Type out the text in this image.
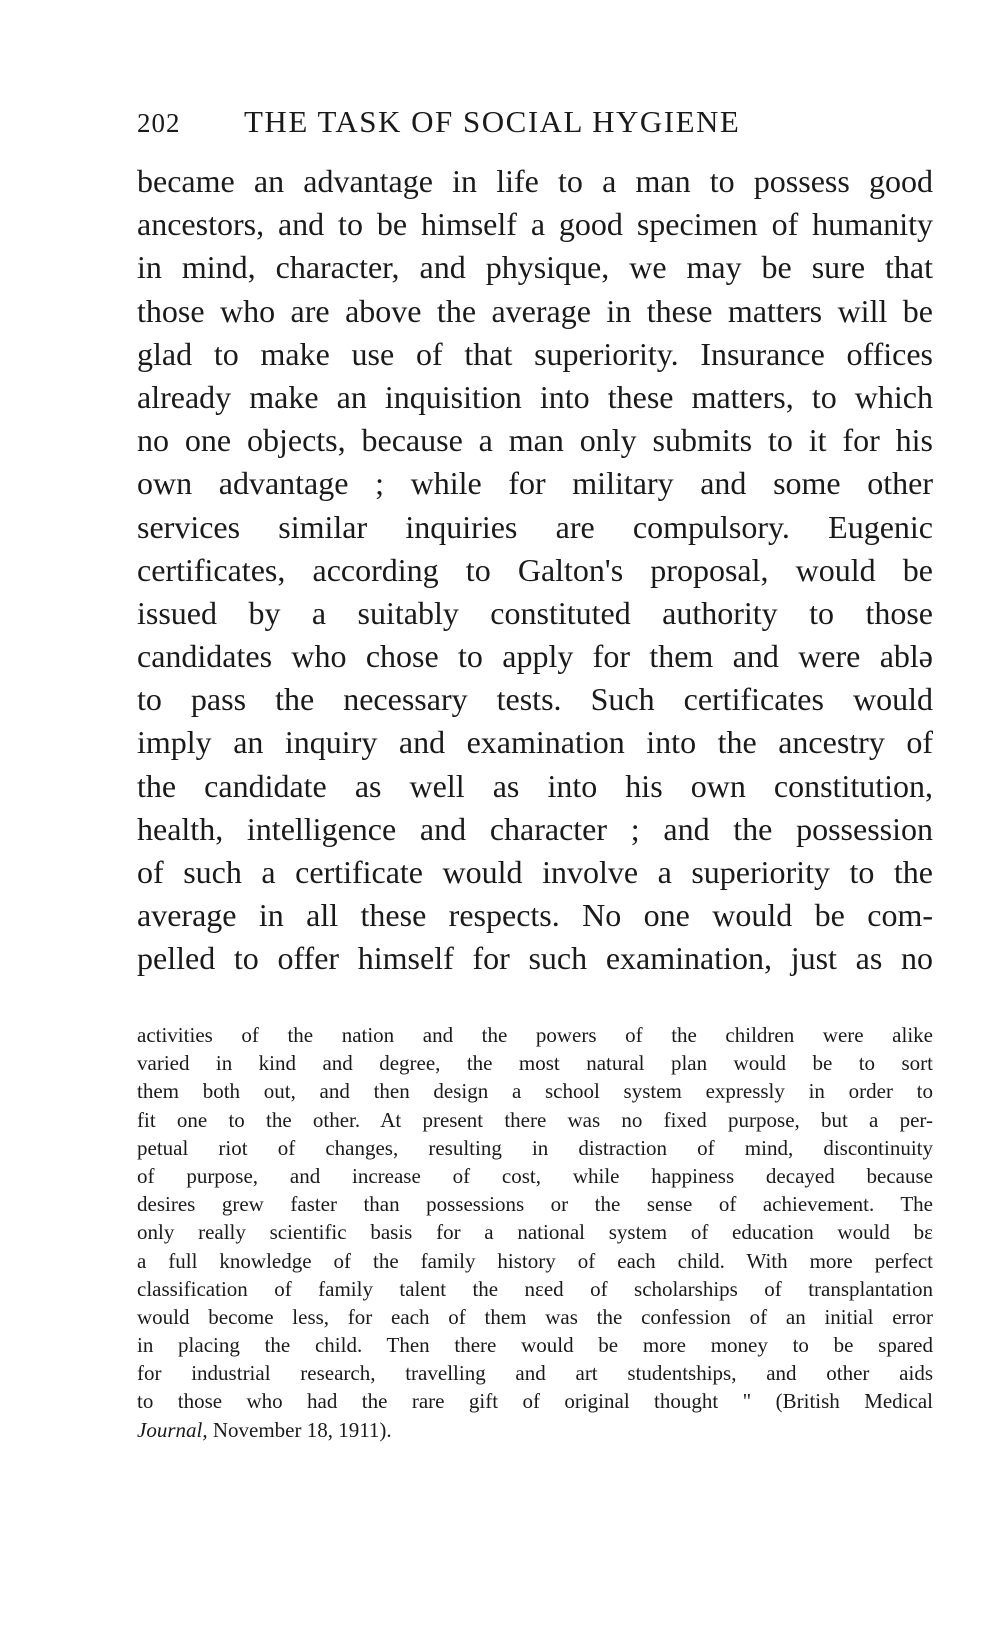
202 THE TASK OF SOCIAL HYGIENE
became an advantage in life to a man to possess good
ancestors, and to be himself a good specimen of humanity
in mind, character, and physique, we may be sure that
those who are above the average in these matters will be
glad to make use of that superiority. Insurance offices
already make an inquisition into these matters, to which
no one objects, because a man only submits to it for his
own advantage ; while for military and some other
services similar inquiries are compulsory. Eugenic
certificates, according to Galton's proposal, would be
issued by a suitably constituted authority to those
candidates who chose to apply for them and were ablə
to pass the necessary tests. Such certificates would
imply an inquiry and examination into the ancestry of
the candidate as well as into his own constitution,
health, intelligence and character ; and the possession
of such a certificate would involve a superiority to the
average in all these respects. No one would be com-
pelled to offer himself for such examination, just as no
activities of the nation and the powers of the children were alike
varied in kind and degree, the most natural plan would be to sort
them both out, and then design a school system expressly in order to
fit one to the other. At present there was no fixed purpose, but a per-
petual riot of changes, resulting in distraction of mind, discontinuity
of purpose, and increase of cost, while happiness decayed because
desires grew faster than possessions or the sense of achievement. The
only really scientific basis for a national system of education would bε
a full knowledge of the family history of each child. With more perfect
classification of family talent the nεed of scholarships of transplantation
would become less, for each of them was the confession of an initial error
in placing the child. Then there would be more money to be spared
for industrial research, travelling and art studentships, and other aids
to those who had the rare gift of original thought " (British Medical
Journal, November 18, 1911).
